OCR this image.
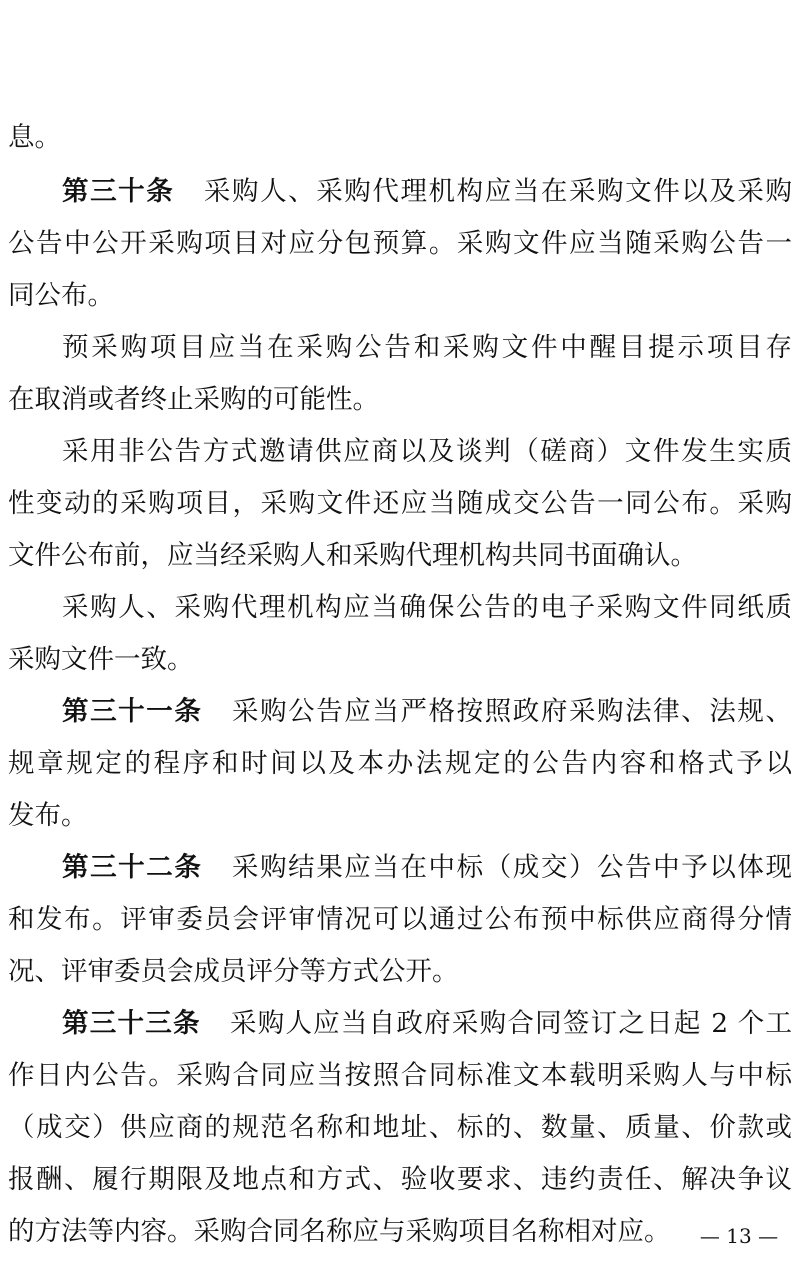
息。
第三十条 采购人、采购代理机构应当在采购文件以及采购
公告中公开采购项目对应分包预算。采购文件应当随采购公告一
同公布。
预采购项目应当在采购公告和采购文件中醒目提示项目存
在取消或者终止采购的可能性。
采用非公告方式邀请供应商以及谈判（磋商）文件发生实质
性变动的采购项目，采购文件还应当随成交公告一同公布。采购
文件公布前，应当经采购人和采购代理机构共同书面确认。
采购人、采购代理机构应当确保公告的电子采购文件同纸质
采购文件一致。
第三十一条 采购公告应当严格按照政府采购法律、法规、
规章规定的程序和时间以及本办法规定的公告内容和格式予以
发布。
第三十二条 采购结果应当在中标（成交）公告中予以体现
和发布。评审委员会评审情况可以通过公布预中标供应商得分情
况、评审委员会成员评分等方式公开。
第三十三条 采购人应当自政府采购合同签订之日起 2 个工
作日内公告。采购合同应当按照合同标准文本载明采购人与中标
（成交）供应商的规范名称和地址、标的、数量、质量、价款或
报酬、履行期限及地点和方式、验收要求、违约责任、解决争议
的方法等内容。采购合同名称应与采购项目名称相对应。 — 13 —
